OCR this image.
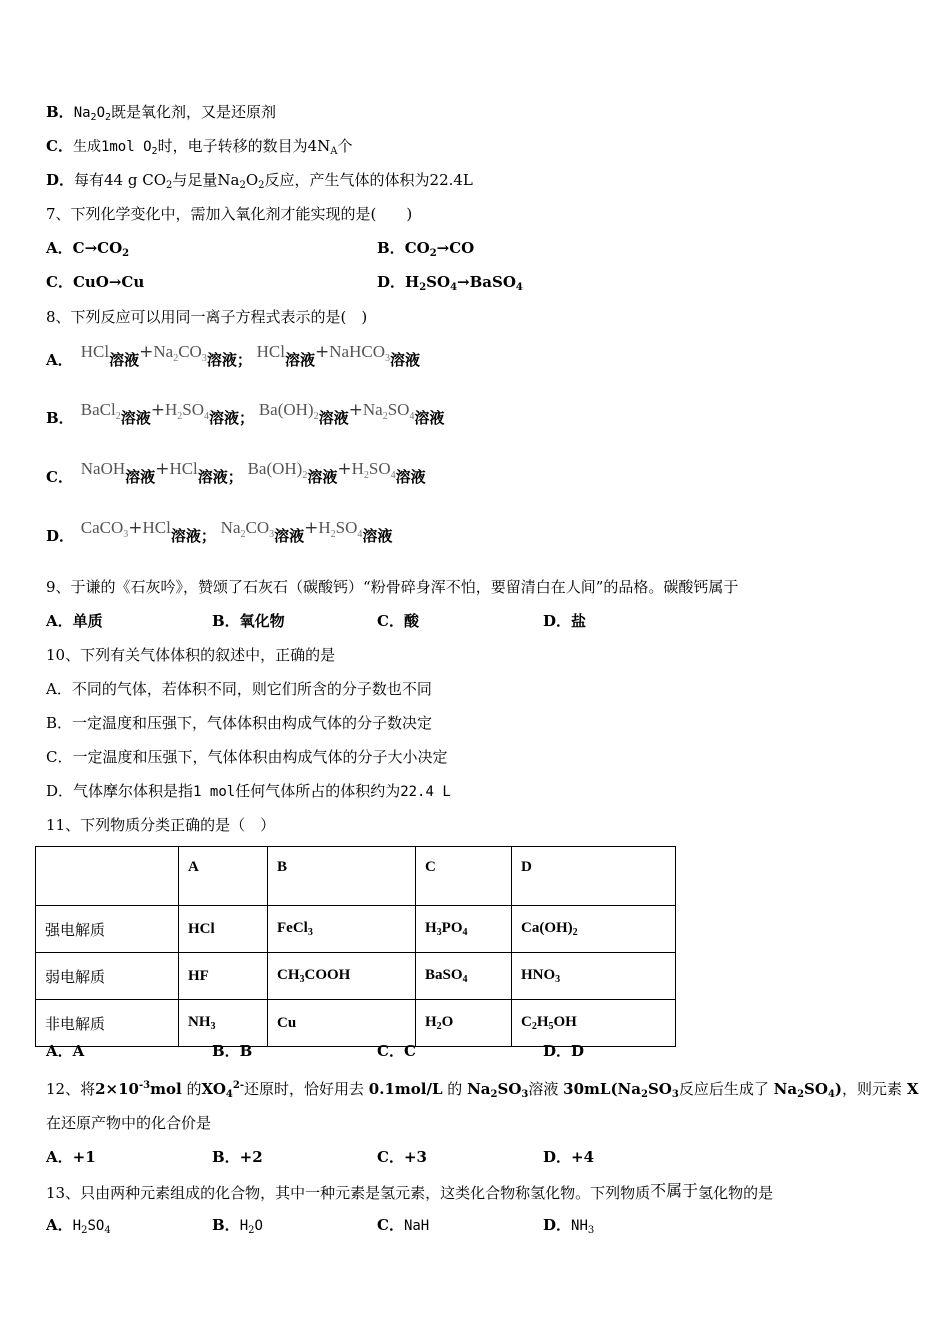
B．$Na_2O_2$既是氧化剂，又是还原剂
C．生成1mol $O_2$时，电子转移的数目为$4N_A$个
D．每有44 g $CO_2$与足量$Na_2O_2$反应，产生气体的体积为22.4L
7、下列化学变化中，需加入氧化剂才能实现的是(　　)
A．$C\to CO_2$	B．$CO_2\to CO$
C．CuO→Cu	D．$H_2SO_4\to BaSO_4$
8、下列反应可以用同一离子方程式表示的是(　)
A． HCl溶液$+Na_2CO_3$溶液； HCl溶液+NaHCO$_3$溶液
B． BaCl$_2$溶液$+H_2SO_4$溶液； $Ba(OH)_2$溶液$+Na_2SO_4$溶液
C． NaOH溶液+HCl溶液； $Ba(OH)_2$溶液$+H_2SO_4$溶液
D． CaCO$_3$+HCl溶液； $Na_2CO_3$溶液$+H_2SO_4$溶液
9、于谦的《石灰吟》，赞颂了石灰石（碳酸钙）“粉骨碎身浑不怕，要留清白在人间”的品格。碳酸钙属于
A．单质	B．氧化物	C．酸	D．盐
10、下列有关气体体积的叙述中，正确的是
A．不同的气体，若体积不同，则它们所含的分子数也不同
B．一定温度和压强下，气体体积由构成气体的分子数决定
C．一定温度和压强下，气体体积由构成气体的分子大小决定
D．气体摩尔体积是指1 mol任何气体所占的体积约为22.4 L
11、下列物质分类正确的是（　）
	A	B	C	D
强电解质	HCl	FeCl$_3$	$H_3PO_4$	$Ca(OH)_2$
弱电解质	HF	$CH_3COOH$	BaSO$_4$	$HNO_3$
非电解质	$NH_3$	Cu	$H_2O$	$C_2H_5OH$
A．A	B．B	C．C	D．D
12、将$2\times 10^{-3}mol$ 的$XO_4^{2-}$还原时，恰好用去 0.1mol/L 的 $Na_2SO_3$溶液 $30mL(Na_2SO_3$反应后生成了 $Na_2SO_4$)，则元素 X
在还原产物中的化合价是
A．+1	B．+2	C．+3	D．+4
13、只由两种元素组成的化合物，其中一种元素是氢元素，这类化合物称氢化物。下列物质不属于氢化物的是
A．$H_2SO_4$	B．$H_2O$	C．NaH	D．$NH_3$
